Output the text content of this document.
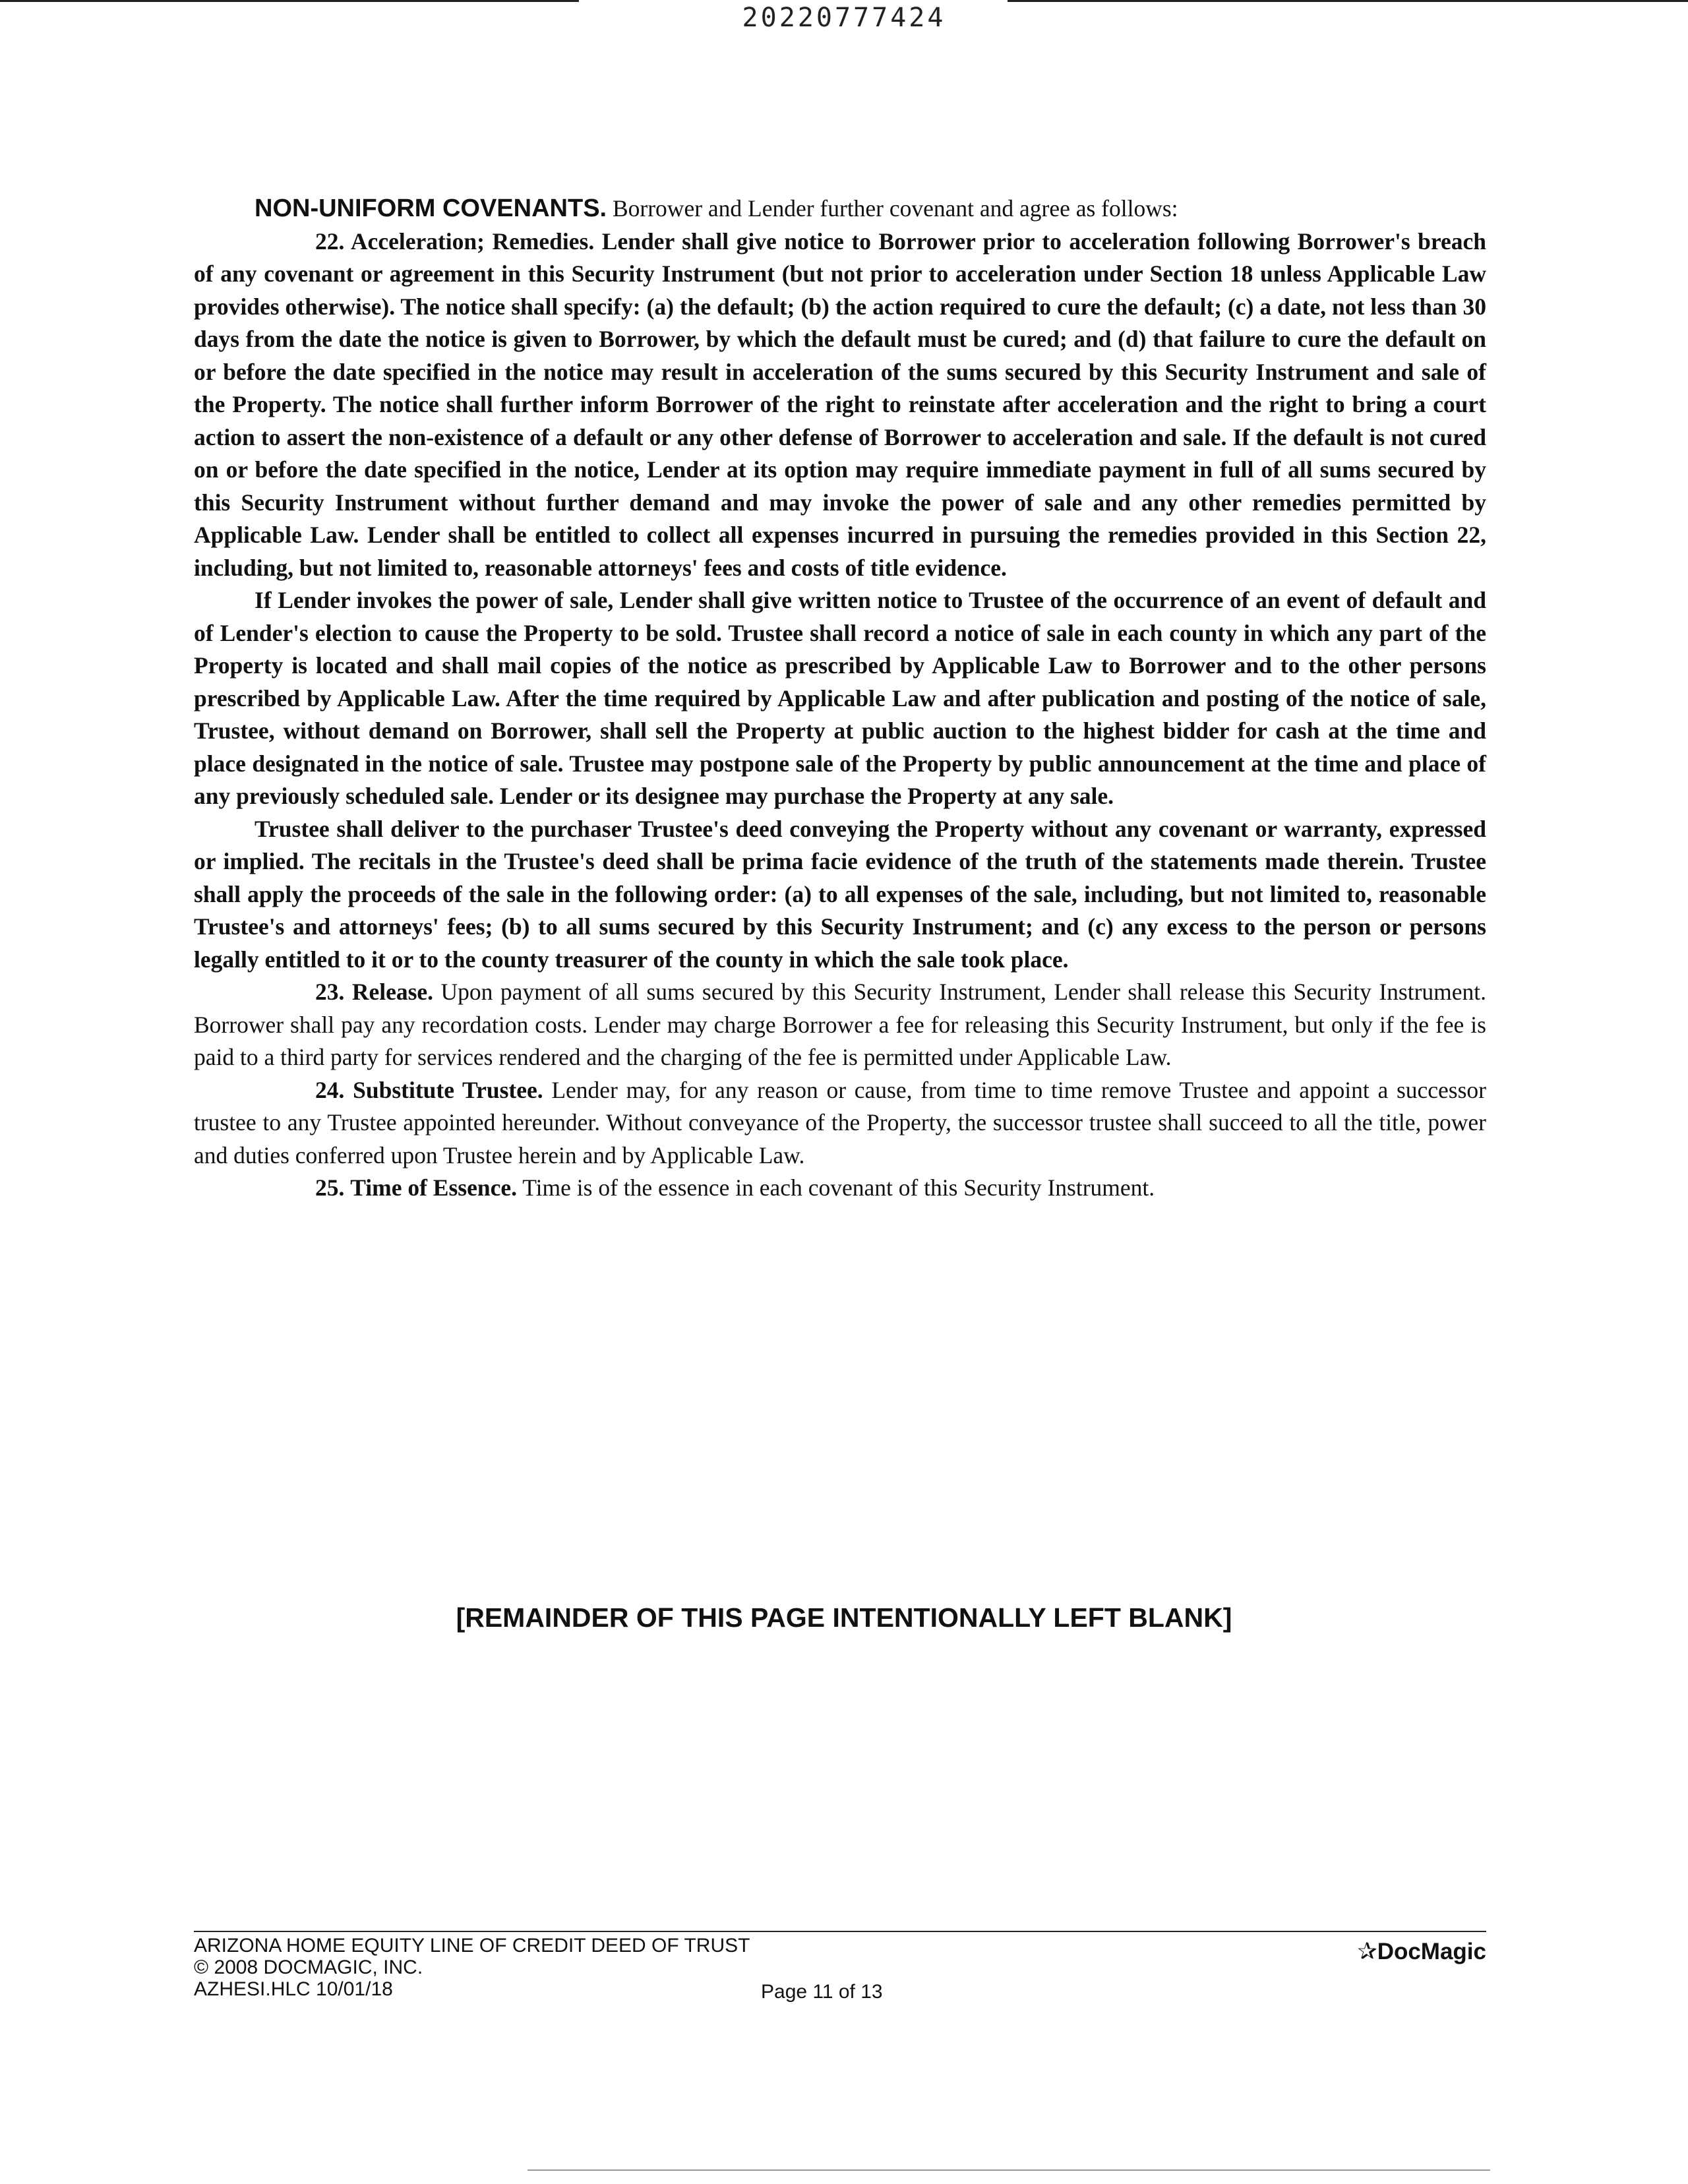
20220777424

NON-UNIFORM COVENANTS. Borrower and Lender further covenant and agree as follows:

22. Acceleration; Remedies. Lender shall give notice to Borrower prior to acceleration following Borrower's breach of any covenant or agreement in this Security Instrument (but not prior to acceleration under Section 18 unless Applicable Law provides otherwise). The notice shall specify: (a) the default; (b) the action required to cure the default; (c) a date, not less than 30 days from the date the notice is given to Borrower, by which the default must be cured; and (d) that failure to cure the default on or before the date specified in the notice may result in acceleration of the sums secured by this Security Instrument and sale of the Property. The notice shall further inform Borrower of the right to reinstate after acceleration and the right to bring a court action to assert the non-existence of a default or any other defense of Borrower to acceleration and sale. If the default is not cured on or before the date specified in the notice, Lender at its option may require immediate payment in full of all sums secured by this Security Instrument without further demand and may invoke the power of sale and any other remedies permitted by Applicable Law. Lender shall be entitled to collect all expenses incurred in pursuing the remedies provided in this Section 22, including, but not limited to, reasonable attorneys' fees and costs of title evidence.

If Lender invokes the power of sale, Lender shall give written notice to Trustee of the occurrence of an event of default and of Lender's election to cause the Property to be sold. Trustee shall record a notice of sale in each county in which any part of the Property is located and shall mail copies of the notice as prescribed by Applicable Law to Borrower and to the other persons prescribed by Applicable Law. After the time required by Applicable Law and after publication and posting of the notice of sale, Trustee, without demand on Borrower, shall sell the Property at public auction to the highest bidder for cash at the time and place designated in the notice of sale. Trustee may postpone sale of the Property by public announcement at the time and place of any previously scheduled sale. Lender or its designee may purchase the Property at any sale.

Trustee shall deliver to the purchaser Trustee's deed conveying the Property without any covenant or warranty, expressed or implied. The recitals in the Trustee's deed shall be prima facie evidence of the truth of the statements made therein. Trustee shall apply the proceeds of the sale in the following order: (a) to all expenses of the sale, including, but not limited to, reasonable Trustee's and attorneys' fees; (b) to all sums secured by this Security Instrument; and (c) any excess to the person or persons legally entitled to it or to the county treasurer of the county in which the sale took place.

23. Release. Upon payment of all sums secured by this Security Instrument, Lender shall release this Security Instrument. Borrower shall pay any recordation costs. Lender may charge Borrower a fee for releasing this Security Instrument, but only if the fee is paid to a third party for services rendered and the charging of the fee is permitted under Applicable Law.

24. Substitute Trustee. Lender may, for any reason or cause, from time to time remove Trustee and appoint a successor trustee to any Trustee appointed hereunder. Without conveyance of the Property, the successor trustee shall succeed to all the title, power and duties conferred upon Trustee herein and by Applicable Law.

25. Time of Essence. Time is of the essence in each covenant of this Security Instrument.

[REMAINDER OF THIS PAGE INTENTIONALLY LEFT BLANK]
ARIZONA HOME EQUITY LINE OF CREDIT DEED OF TRUST
© 2008 DOCMAGIC, INC.
AZHESI.HLC 10/01/18	Page 11 of 13
✰DocMagic
